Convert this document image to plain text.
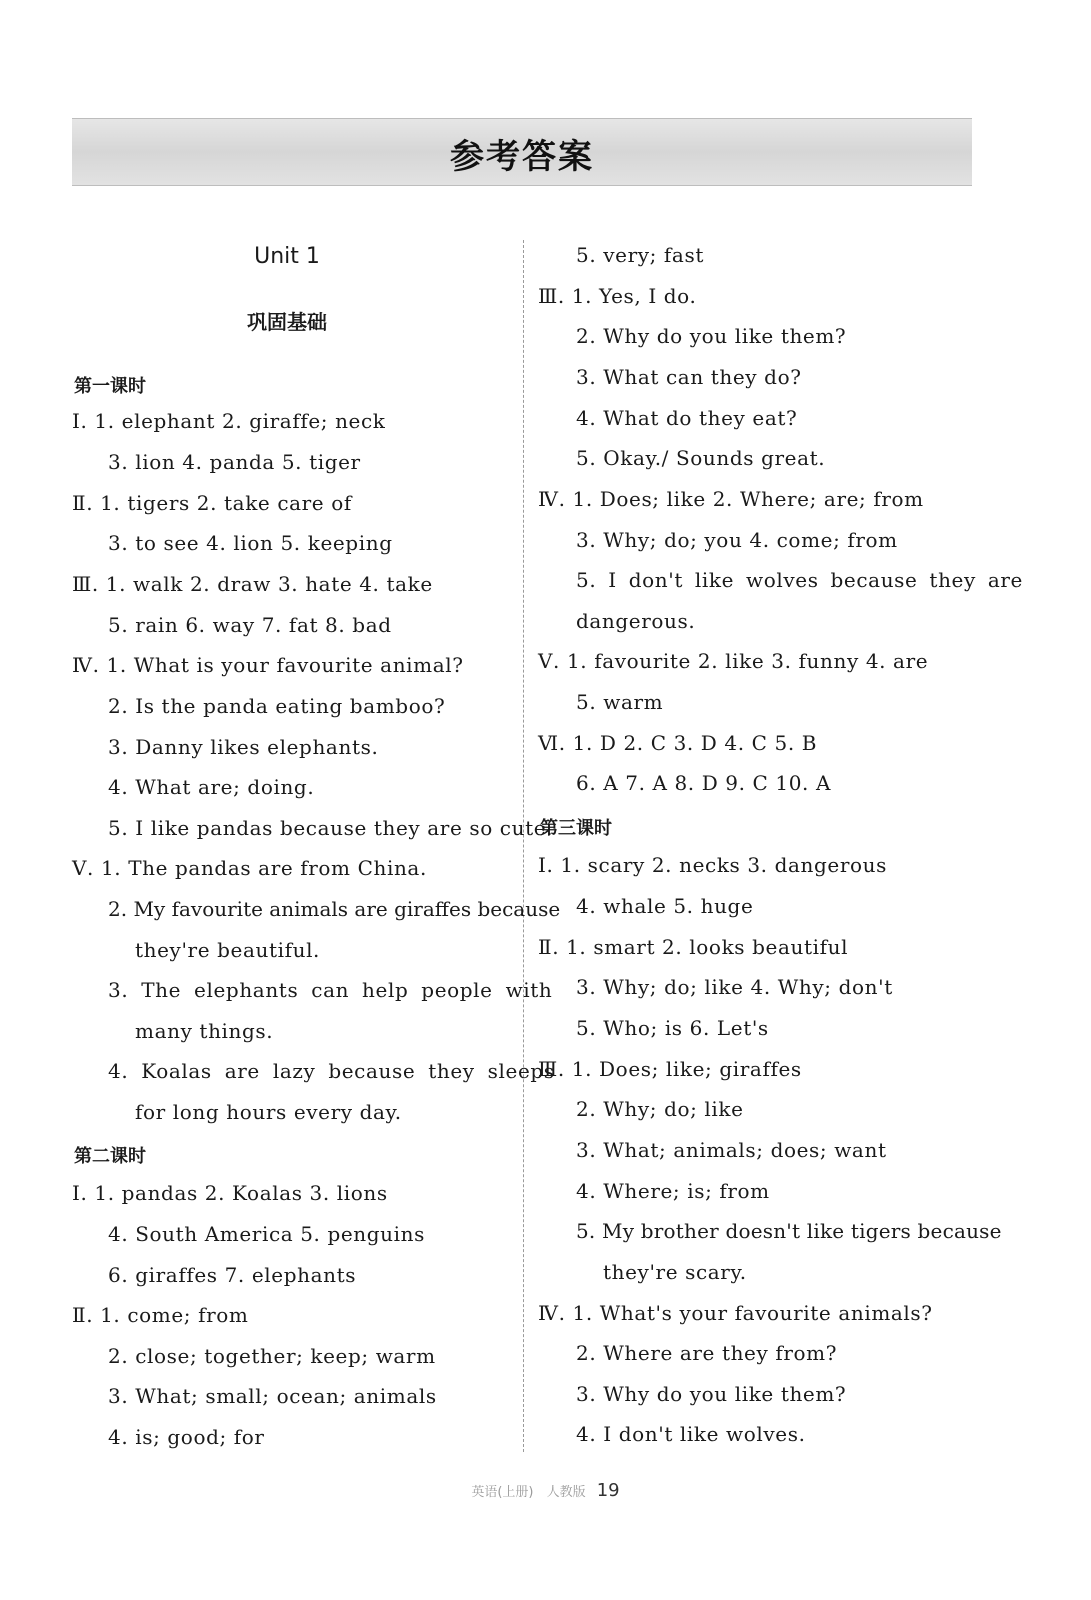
参考答案
Unit 1
巩固基础
第一课时
Ⅰ. 1. elephant 2. giraffe; neck
3. lion 4. panda 5. tiger
Ⅱ. 1. tigers 2. take care of
3. to see 4. lion 5. keeping
Ⅲ. 1. walk 2. draw 3. hate 4. take
5. rain 6. way 7. fat 8. bad
Ⅳ. 1. What is your favourite animal?
2. Is the panda eating bamboo?
3. Danny likes elephants.
4. What are; doing.
5. I like pandas because they are so cute.
Ⅴ. 1. The pandas are from China.
2. My favourite animals are giraffes because
they're beautiful.
3. The elephants can help people with
many things.
4. Koalas are lazy because they sleeps
for long hours every day.
第二课时
Ⅰ. 1. pandas 2. Koalas 3. lions
4. South America 5. penguins
6. giraffes 7. elephants
Ⅱ. 1. come; from
2. close; together; keep; warm
3. What; small; ocean; animals
4. is; good; for
5. very; fast
Ⅲ. 1. Yes, I do.
2. Why do you like them?
3. What can they do?
4. What do they eat?
5. Okay./ Sounds great.
Ⅳ. 1. Does; like 2. Where; are; from
3. Why; do; you 4. come; from
5. I don't like wolves because they are
dangerous.
Ⅴ. 1. favourite 2. like 3. funny 4. are
5. warm
Ⅵ. 1. D 2. C 3. D 4. C 5. B
6. A 7. A 8. D 9. C 10. A
第三课时
Ⅰ. 1. scary 2. necks 3. dangerous
4. whale 5. huge
Ⅱ. 1. smart 2. looks beautiful
3. Why; do; like 4. Why; don't
5. Who; is 6. Let's
Ⅲ. 1. Does; like; giraffes
2. Why; do; like
3. What; animals; does; want
4. Where; is; from
5. My brother doesn't like tigers because
they're scary.
Ⅳ. 1. What's your favourite animals?
2. Where are they from?
3. Why do you like them?
4. I don't like wolves.
英语(上册) 人教版 19
